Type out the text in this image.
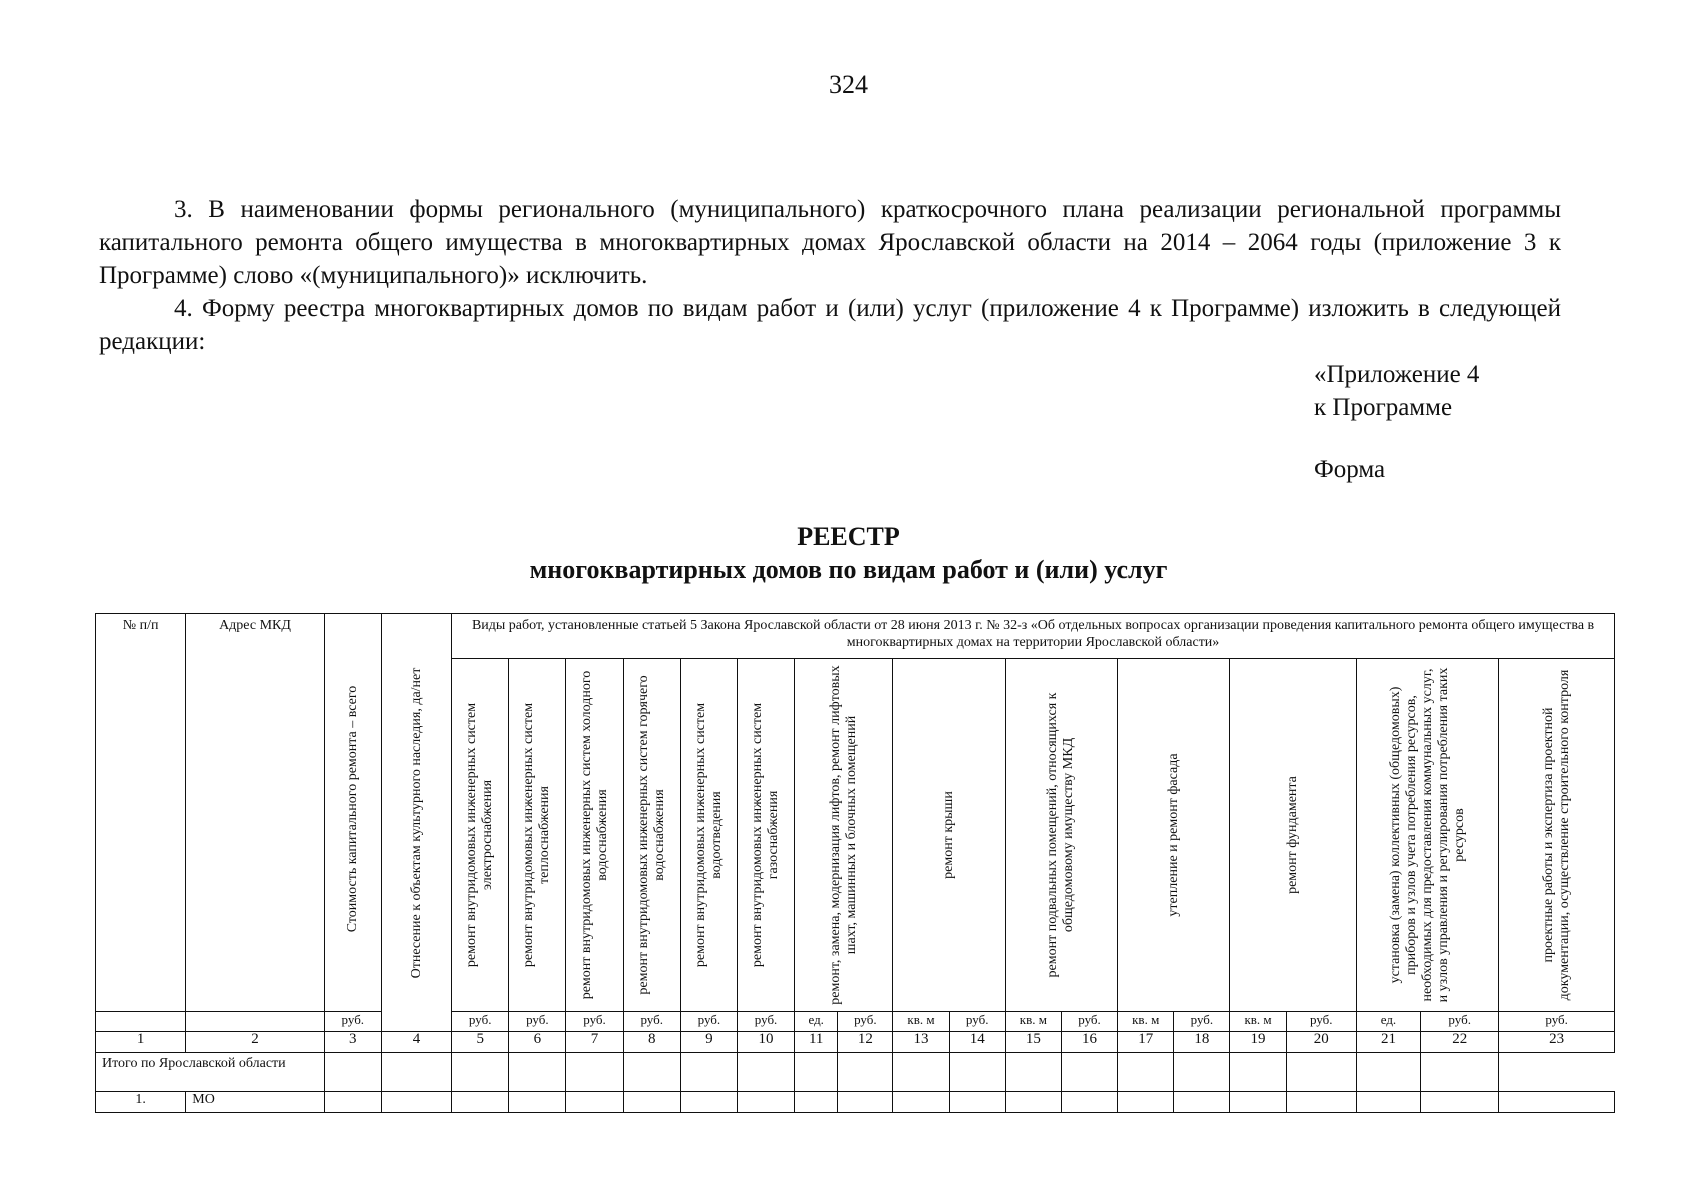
324

3. В наименовании формы регионального (муниципального) краткосрочного плана реализации региональной программы капитального ремонта общего имущества в многоквартирных домах Ярославской области на 2014 – 2064 годы (приложение 3 к Программе) слово «(муниципального)» исключить.

4. Форму реестра многоквартирных домов по видам работ и (или) услуг (приложение 4 к Программе) изложить в следующей редакции:

«Приложение 4
к Программе
Форма
РЕЕСТР
многоквартирных домов по видам работ и (или) услуг
№ п/п	Адрес МКД	Стоимость капитального ремонта – всего	Отнесение к объектам культурного наследия, да/нет	Виды работ, установленные статьей 5 Закона Ярославской области от 28 июня 2013 г. № 32-з «Об отдельных вопросах организации проведения капитального ремонта общего имущества в многоквартирных домах на территории Ярославской области»																		

				ремонт внутридомовых инженерных систем электроснабжения	ремонт внутридомовых инженерных систем теплоснабжения	ремонт внутридомовых инженерных систем холодного водоснабжения	ремонт внутридомовых инженерных систем горячего водоснабжения	ремонт внутридомовых инженерных систем водоотведения	ремонт внутридомовых инженерных систем газоснабжения	ремонт, замена, модернизация лифтов, ремонт лифтовых шахт, машинных и блочных помещений		ремонт крыши		ремонт подвальных помещений, относящихся к общедомовому имуществу МКД		утепление и ремонт фасада		ремонт фундамента		установка (замена) коллективных (общедомовых) приборов и узлов учета потребления ресурсов, необходимых для предоставления коммунальных услуг, и узлов управления и регулирования потребления таких ресурсов		проектные работы и экспертиза проектной документации, осуществление строительного контроля

		руб.		руб.	руб.	руб.	руб.	руб.	руб.	ед.	руб.	кв. м	руб.	кв. м	руб.	кв. м	руб.	кв. м	руб.	ед.	руб.	руб.
1	2	3	4	5	6	7	8	9	10	11	12	13	14	15	16	17	18	19	20	21	22	23
Итого по Ярославской области																						
1.	МО																					
